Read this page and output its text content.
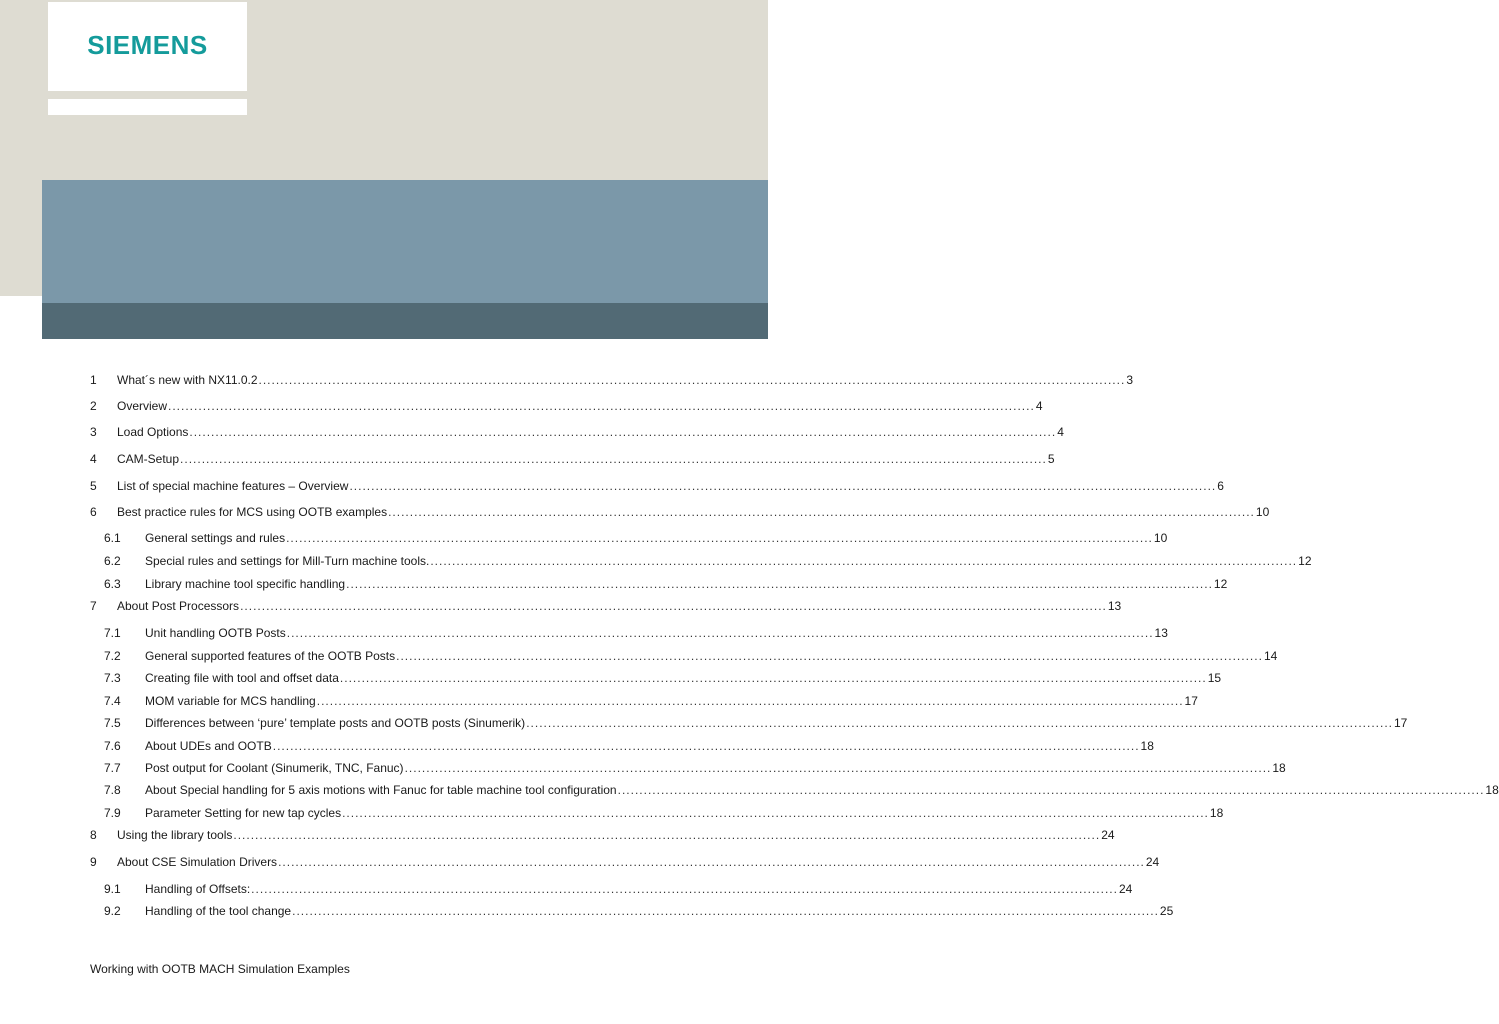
SIEMENS
1 What´s new with NX11.0.2 ........................................................................................................................................................................................................ 3
2 Overview ........................................................................................................................................................................................................ 4
3 Load Options ........................................................................................................................................................................................................ 4
4 CAM-Setup ........................................................................................................................................................................................................ 5
5 List of special machine features – Overview ........................................................................................................................................................................................................ 6
6 Best practice rules for MCS using OOTB examples ........................................................................................................................................................................................................ 10
6.1 General settings and rules ........................................................................................................................................................................................................ 10
6.2 Special rules and settings for Mill-Turn machine tools. ........................................................................................................................................................................................................ 12
6.3 Library machine tool specific handling ........................................................................................................................................................................................................ 12
7 About Post Processors ........................................................................................................................................................................................................ 13
7.1 Unit handling OOTB Posts ........................................................................................................................................................................................................ 13
7.2 General supported features of the OOTB Posts ........................................................................................................................................................................................................ 14
7.3 Creating file with tool and offset data ........................................................................................................................................................................................................ 15
7.4 MOM variable for MCS handling ........................................................................................................................................................................................................ 17
7.5 Differences between ‘pure’ template posts and OOTB posts (Sinumerik) ........................................................................................................................................................................................................ 17
7.6 About UDEs and OOTB ........................................................................................................................................................................................................ 18
7.7 Post output for Coolant (Sinumerik, TNC, Fanuc) ........................................................................................................................................................................................................ 18
7.8 About Special handling for 5 axis motions with Fanuc for table machine tool configuration ........................................................................................................................................................................................................ 18
7.9 Parameter Setting for new tap cycles ........................................................................................................................................................................................................ 18
8 Using the library tools ........................................................................................................................................................................................................ 24
9 About CSE Simulation Drivers ........................................................................................................................................................................................................ 24
9.1 Handling of Offsets: ........................................................................................................................................................................................................ 24
9.2 Handling of the tool change ........................................................................................................................................................................................................ 25
Working with OOTB MACH Simulation Examples
